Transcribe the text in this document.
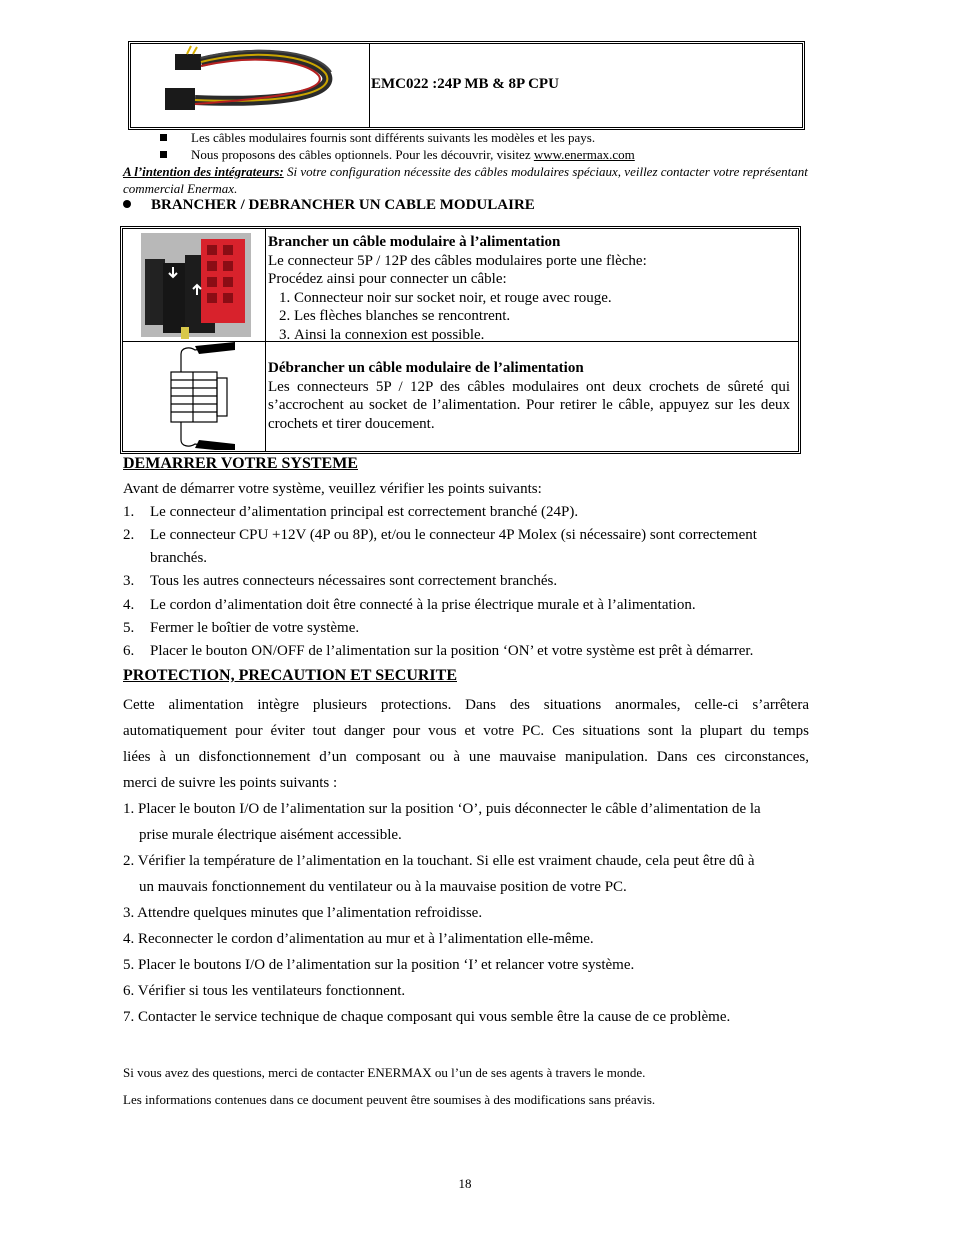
EMC022 :24P MB & 8P CPU
Les câbles modulaires fournis sont différents suivants les modèles et les pays.
Nous proposons des câbles optionnels. Pour les découvrir, visitez www.enermax.com
A l’intention des intégrateurs: Si votre configuration nécessite des câbles modulaires spéciaux, veillez contacter votre représentant commercial Enermax.
BRANCHER / DEBRANCHER UN CABLE MODULAIRE

Brancher un câble modulaire à l’alimentation

Le connecteur 5P / 12P des câbles modulaires porte une flèche:

Procédez ainsi pour connecter un câble:

1. Connecteur noir sur socket noir, et rouge avec rouge.
2. Les flèches blanches se rencontrent.
3. Ainsi la connexion est possible.

Débrancher un câble modulaire de l’alimentation

Les connecteurs 5P / 12P des câbles modulaires ont deux crochets de sûreté qui s’accrochent au socket de l’alimentation. Pour retirer le câble, appuyez sur les deux crochets et tirer doucement.

DEMARRER VOTRE SYSTEME
Avant de démarrer votre système, veuillez vérifier les points suivants:
1. Le connecteur d’alimentation principal est correctement branché (24P).
2. Le connecteur CPU +12V (4P ou 8P), et/ou le connecteur 4P Molex (si nécessaire) sont correctement
branchés.
3. Tous les autres connecteurs nécessaires sont correctement branchés.
4. Le cordon d’alimentation doit être connecté à la prise électrique murale et à l’alimentation.
5. Fermer le boîtier de votre système.
6. Placer le bouton ON/OFF de l’alimentation sur la position ‘ON’ et votre système est prêt à démarrer.
PROTECTION, PRECAUTION ET SECURITE

Cette alimentation intègre plusieurs protections. Dans des situations anormales, celle-ci s’arrêtera

automatiquement pour éviter tout danger pour vous et votre PC. Ces situations sont la plupart du temps

liées à un disfonctionnement d’un composant ou à une mauvaise manipulation. Dans ces circonstances,

merci de suivre les points suivants :

1. Placer le bouton I/O de l’alimentation sur la position ‘O’, puis déconnecter le câble d’alimentation de la

prise murale électrique aisément accessible.

2. Vérifier la température de l’alimentation en la touchant. Si elle est vraiment chaude, cela peut être dû à

un mauvais fonctionnement du ventilateur ou à la mauvaise position de votre PC.

3. Attendre quelques minutes que l’alimentation refroidisse.

4. Reconnecter le cordon d’alimentation au mur et à l’alimentation elle-même.

5. Placer le boutons I/O de l’alimentation sur la position ‘I’ et relancer votre système.

6. Vérifier si tous les ventilateurs fonctionnent.

7. Contacter le service technique de chaque composant qui vous semble être la cause de ce problème.

Si vous avez des questions, merci de contacter ENERMAX ou l’un de ses agents à travers le monde.
Les informations contenues dans ce document peuvent être soumises à des modifications sans préavis.
18
